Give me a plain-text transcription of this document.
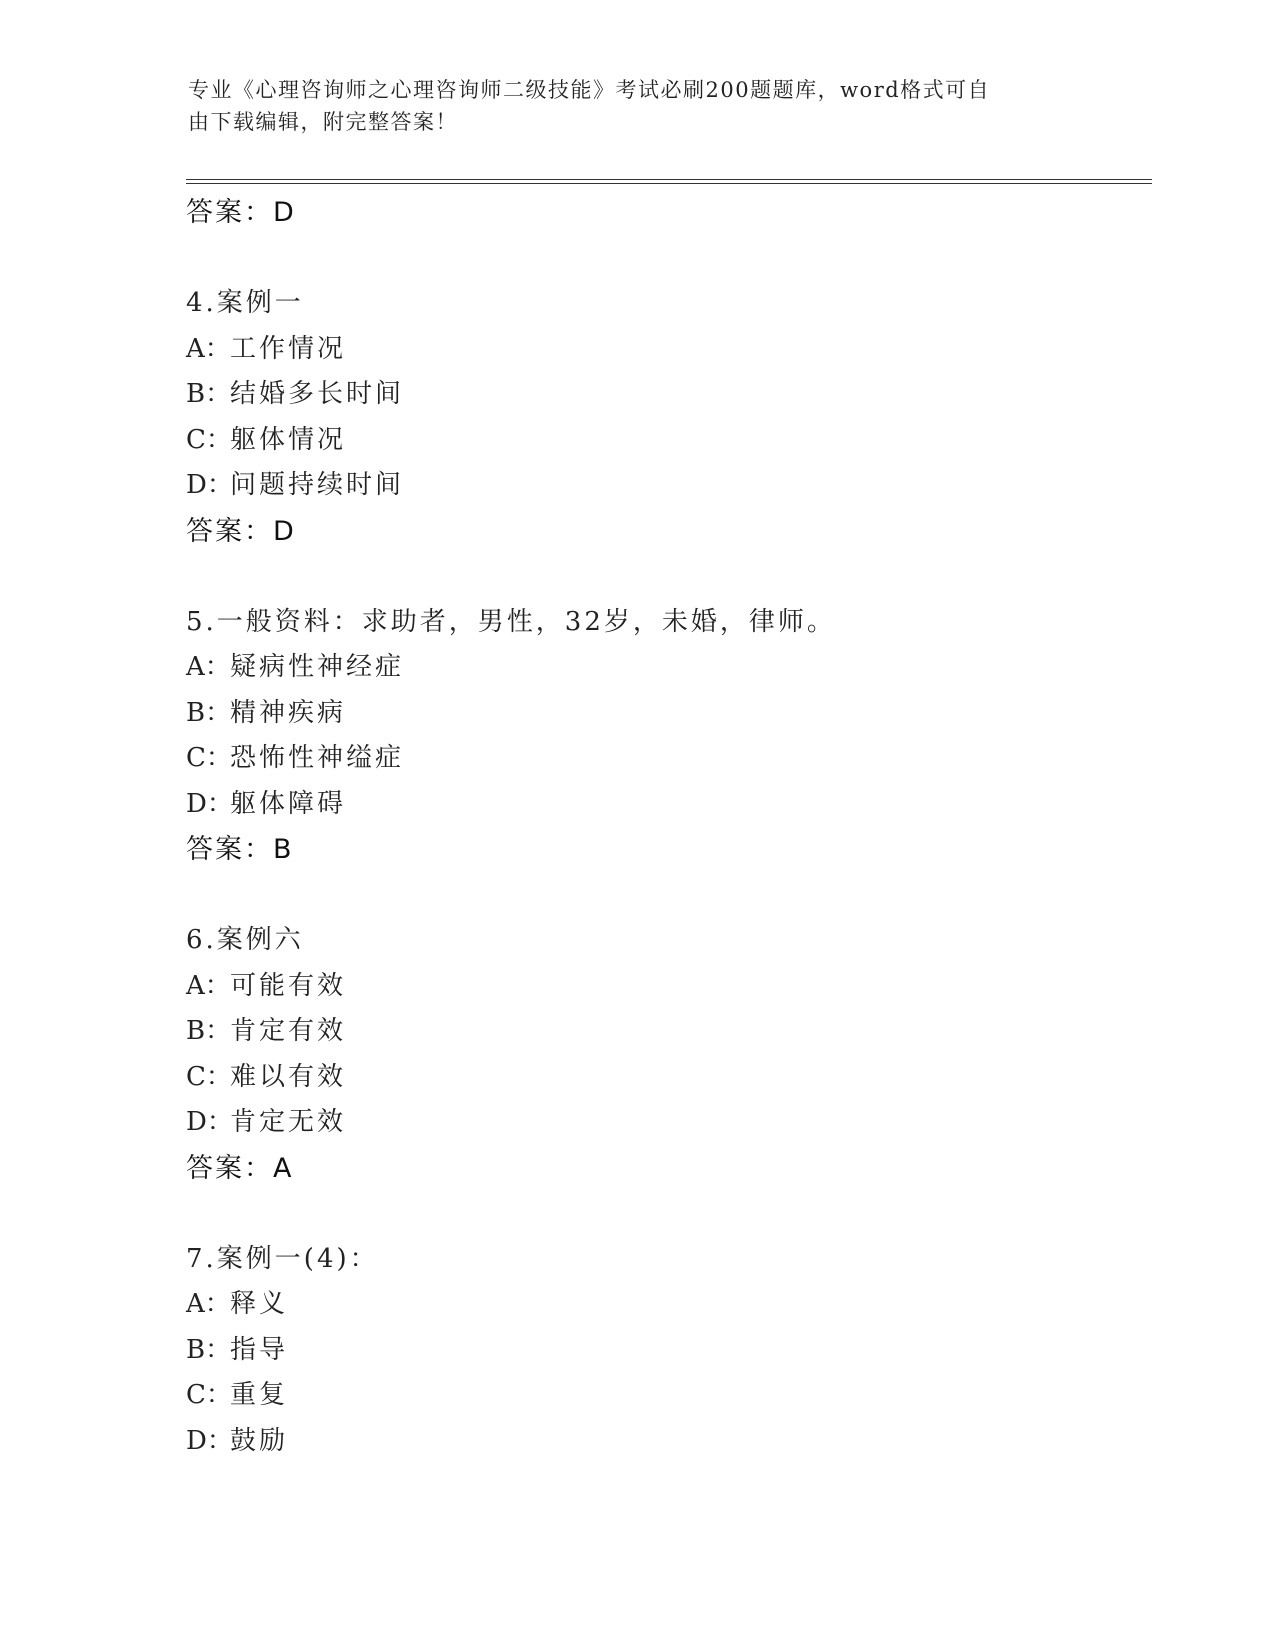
专业《心理咨询师之心理咨询师二级技能》考试必刷200题题库，word格式可自
由下载编辑，附完整答案！
答案：D
4.案例一
A：工作情况
B：结婚多长时间
C：躯体情况
D：问题持续时间
答案：D
5.一般资料：求助者，男性，32岁，未婚，律师。
A：疑病性神经症
B：精神疾病
C：恐怖性神缢症
D：躯体障碍
答案：B
6.案例六
A：可能有效
B：肯定有效
C：难以有效
D：肯定无效
答案：A
7.案例一(4)：
A：释义
B：指导
C：重复
D：鼓励
